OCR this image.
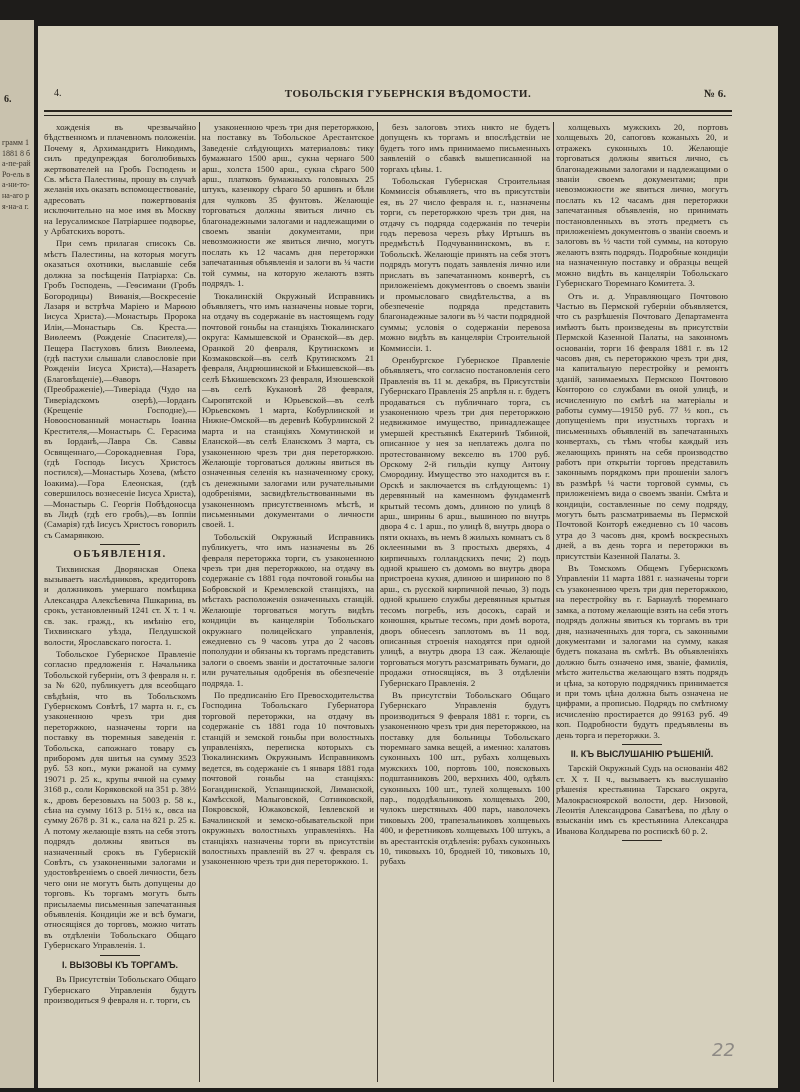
6.
грамм 1 1881 8 ба-пе-рай Ро-ель ва-ни-то-на-аго ря-на-а г.
4.	ТОБОЛЬСКІЯ ГУБЕРНСКІЯ ВѢДОМОСТИ.	№ 6.

хожденія въ чрезвычайно бѣдственномъ и плачевномъ положеніи. Почему я, Архимандритъ Никодимъ, силъ предупреждая боголюбивыхъ жертвователей на Гробъ Господень и Св. мѣста Палестины, прошу въ случаѣ желанія ихъ оказать вспомоществованіе, адресовать пожертвованія исключительно на мое имя въ Москву на Іерусалимское Патріаршее подворье, у Арбатскихъ воротъ.

При семъ прилагая списокъ Св. мѣстъ Палестины, на которыя могутъ оказаться охотники, выславшіе себя должна за посѣщенія Патріарха: Св. Гробъ Господень, —Геѳсимани (Гробъ Богородицы) Виѳанія,—Воскресеніе Лазаря и встрѣча Маріею и Марѳою Іисуса Христа).—Монастырь Пророка Иліи,—Монастырь Св. Креста.—Виѳлеемъ (Рожденіе Спасителя),—Пещера Пастуховъ близъ Виѳлеема, (гдѣ пастухи слышали славословіе при Рожденіи Іисуса Христа),—Назаретъ (Благовѣщеніе),—Ѳаворъ (Преображеніе),—Тиверіада (Чудо на Тиверіадскомъ озерѣ),—Іорданъ (Крещеніе Господне),—Новооснованный монастырь Іоанна Крестителя,—Монастырь С. Герасима въ Іорданѣ,—Лавра Св. Саввы Освященнаго,—Сорокадневная Гора, (гдѣ Господь Іисусъ Христосъ постился),—Монастырь Хозева, (мѣсто Іоакима).—Гора Елеонская, (гдѣ совершилось вознесеніе Іисуса Христа),—Монастырь С. Георгія Побѣдоносца въ Лидѣ (гдѣ его гробъ),—въ Іоппіи (Самарія) гдѣ Іисусъ Христосъ говорилъ съ Самарянкою.

ОБЪЯВЛЕНІЯ.

Тихвинская Дворянская Опека вызываетъ наслѣдниковъ, кредиторовъ и должниковъ умершаго помѣщика Александра Алексѣевича Пшкарина, въ срокъ, установленный 1241 ст. X т. 1 ч. св. зак. гражд., къ имѣнію его, Тихвинскаго уѣзда, Пелдушской волости, Ярославскаго погоста. 1.

Тобольское Губернское Правленіе согласно предложенія г. Начальника Тобольской губерніи, отъ 3 февраля н. г. за № 620, публикуетъ для всеобщаго свѣдѣнія, что въ Тобольскомъ Губернскомъ Совѣтѣ, 17 марта н. г., съ узаконенною чрезъ три дня переторжкою, назначены торги на поставку въ тюремныя заведенія г. Тобольска, сапожнаго товару съ приборомъ для шитья на сумму 3523 руб. 53 коп., муки ржаной на сумму 19071 р. 25 к., крупы ячной на сумму 3168 р., соли Коряковской на 351 р. 38½ к., дровъ березовыхъ на 5003 р. 58 к., сѣна на сумму 1613 р. 51½ к., овса на сумму 2678 р. 31 к., сала на 821 р. 25 к. А потому желающіе взять на себя этотъ подрядъ должны явиться въ назначенный срокъ въ Губернскій Совѣтъ, съ узаконенными залогами и удостовѣреніемъ о своей личности, безъ чего они не могутъ быть допущены до торговъ. Къ торгамъ могутъ быть присылаемы письменныя запечатанныя объявленія. Кондиціи же и всѣ бумаги, относящіяся до торговъ, можно читать въ отдѣленіи Тобольскаго Общаго Губернскаго Управленія. 1.

I. ВЫЗОВЫ КЪ ТОРГАМЪ.

Въ Присутствіи Тобольскаго Общаго Губернскаго Управленія будутъ производиться 9 февраля н. г. торги, съ

узаконенною чрезъ три дня переторжкою, на поставку въ Тобольское Арестантское Заведеніе слѣдующихъ материаловъ: тику бумажнаго 1500 арш., сукна чернаго 500 арш., холста 1500 арш., сукна сѣраго 500 арш., платковъ бумажныхъ головныхъ 25 штукъ, казенкору сѣраго 50 аршинъ и бѣли для чулковъ 35 фунтовъ. Желающіе торговаться должны явиться лично съ благонадежными залогами и надлежащими о своемъ званіи документами, при невозможности же явиться лично, могутъ послать къ 12 часамъ дня переторжки запечатанныя объявленія и залоги въ ¼ части той суммы, на которую желаютъ взять подрядъ. 1.

Тюкалинскій Окружный Исправникъ объявляетъ, что имъ назначены новые торги, на отдачу въ содержаніе въ настоящемъ году почтовой гоньбы на станціяхъ Тюкалинскаго округа: Камышевской и Оранской—въ дер. Оранкой 20 февраля, Крутинскомъ и Козмаковской—въ селѣ Крутинскомъ 21 февраля, Андрюшинской и Бѣкишевской—въ селѣ Бѣкишевскомъ 23 февраля, Изюшевской—въ селѣ Кукановѣ 28 февраля, Сыропятской и Юрьевской—въ селѣ Юрьевскомъ 1 марта, Кобурлинской и Нижне-Омской—въ деревнѣ Кобурлинской 2 марта и на станціяхъ Хомутинской и Еланской—въ селѣ Еланскомъ 3 марта, съ узаконенною чрезъ три дня переторжкою. Желающіе торговаться должны явиться въ означенныя селенія къ назначенному сроку, съ денежными залогами или ручательными одобреніями, засвидѣтельствованными въ узаконенномъ присутственномъ мѣстѣ, и письменными документами о личности своей. 1.

Тобольскій Окружный Исправникъ публикуетъ, что имъ назначены въ 26 февраля переторжка торги, съ узаконенною чрезъ три дня переторжкою, на отдачу въ содержаніе съ 1881 года почтовой гоньбы на Бобровской и Кремлевской станціяхъ, на мѣстахъ расположенія означенныхъ станцій. Желающіе торговаться могутъ видѣть кондиціи въ канцеляріи Тобольскаго окружнаго полицейскаго управленія, ежедневно съ 9 часовъ утра до 2 часовъ пополудни и обязаны къ торгамъ представить залоги о своемъ званіи и достаточные залоги или ручательныя одобренія въ обезпеченіе подряда. 1.

По предписанію Его Превосходительства Господина Тобольскаго Губернатора торговой переторжки, на отдачу въ содержаніе съ 1881 года 10 почтовыхъ станцій и земской гоньбы при волостныхъ управленіяхъ, переписка которыхъ съ Тюкалинскимъ Окружнымъ Исправникомъ ведется, въ содержаніе съ 1 января 1881 года почтовой гоньбы на станціяхъ: Богандинской, Успанщинской, Лиманской, Камѣсской, Малыговской, Сотниковской, Покровской, Южаковской, Іевлевской и Бачалинской и земско-обывательской при окружныхъ волостныхъ управленіяхъ. На станціяхъ назначены торги въ присутствіи волостныхъ правленій въ 27 ч. февраля съ узаконенною чрезъ три дня переторжкою. 1.

безъ залоговъ этихъ никто не будетъ допущенъ къ торгамъ и впослѣдствіи не будетъ того имъ принимаемо письменныхъ заявленій о сбавкѣ вышеписанной на торгахъ цѣны. 1.

Тобольская Губернская Строительная Коммиссія объявляетъ, что въ присутствіи ея, въ 27 число февраля н. г., назначены торги, съ переторжкою чрезъ три дня, на отдачу съ подряда содержанія по течеріи годъ перевоза черезъ рѣку Иртышъ въ предмѣстьѣ Подчуваннинскомъ, въ г. Тобольскѣ. Желающіе принять на себя этотъ подрядъ могутъ подать заявленія лично или прислать въ запечатанномъ конвертѣ, съ приложеніемъ документовъ о своемъ званіи и промысловаго свидѣтельства, а въ обезпеченіе подряда представить благонадежные залоги въ ½ части подрядной суммы; условія о содержаніи перевоза можно видѣть въ канцеляріи Строительной Коммиссіи. 1.

Оренбургское Губернское Правленіе объявляетъ, что согласно постановленія сего Правленія въ 11 м. декабря, въ Присутствіи Губернскаго Правленія 25 апрѣля н. г. будетъ продаваться съ публичнаго торга, съ узаконенною чрезъ три дня переторжкою недвижимое имущество, принадлежащее умершей крестьянкѣ Екатеринѣ Тябиной, описанное у нея за неплатежъ долга по протестованному векселю въ 1700 руб. Орскому 2-й гильдіи купцу Антону Смородину. Имущество это находится въ г. Орскѣ и заключается въ слѣдующемъ: 1) деревянный на каменномъ фундаментѣ крытый тесомъ домъ, длиною по улицѣ 8 арш., ширины 6 арш., вышиною по внутрь двора 4 с. 1 арш., по улицѣ 8, внутрь двора о пяти окнахъ, въ немъ 8 жилыхъ комнатъ съ 8 оклеенными въ 3 простыхъ дверяхъ, 4 кирпичныхъ голландскихъ печи; 2) подъ одной крышею съ домомъ во внутрь двора пристроена кухня, длиною и шириною по 8 арш., съ русской кирпичной печью, 3) подъ одной крышею службы деревянныя крытыя тесомъ погребъ, изъ досокъ, сарай и конюшня, крытые тесомъ, при домѣ ворота, дворъ обнесенъ заплотомъ въ 11 вод. описанныя строенія находятся при одной улицѣ, а внутрь двора 13 саж. Желающіе торговаться могутъ разсматривать бумаги, до продажи относящіяся, въ 3 отдѣленіи Губернскаго Правленія. 2

Въ присутствіи Тобольскаго Общаго Губернскаго Управленія будутъ производиться 9 февраля 1881 г. торги, съ узаконенною чрезъ три дня переторжкою, на поставку для больницы Тобольскаго тюремнаго замка вещей, а именно: халатовъ суконныхъ 100 шт., рубахъ холщевыхъ мужскихъ 100, портовъ 100, поясковыхъ подштанниковъ 200, верхнихъ 400, одѣялъ суконныхъ 100 шт., тулей холщевыхъ 100 пар., пододѣяльниковъ холщевыхъ 200, чулокъ шерстяныхъ 400 паръ, наволочекъ тиковыхъ 200, трапезальниковъ холщевыхъ 400, и феретниковъ холщевыхъ 100 штукъ, а въ арестантскія отдѣленія: рубахъ суконныхъ 10, тиковыхъ 10, бродней 10, тиковыхъ 10, рубахъ

холщевыхъ мужскихъ 20, портовъ холщевыхъ 20, сапоговъ кожаныхъ 20, и отражекъ суконныхъ 10. Желающіе торговаться должны явиться лично, съ благонадежными залогами и надлежащими о званіи своемъ документами; при невозможности же явиться лично, могутъ послать къ 12 часамъ дня переторжки запечатанныя объявленія, но принимать постановленныхъ въ этотъ предметъ съ приложеніемъ документовъ о званіи своемъ и залоговъ въ ½ части той суммы, на которую желаютъ взять подрядъ. Подробные кондиціи на назначенную поставку и образцы вещей можно видѣть въ канцеляріи Тобольскаго Губернскаго Тюремнаго Комитета. 3.

Отъ и. д. Управляющаго Почтовою Частью въ Пермской губерніи объявляется, что съ разрѣшенія Почтоваго Департамента имѣютъ быть произведены въ присутствіи Пермской Казенной Палаты, на законномъ основаніи, торги 16 февраля 1881 г. въ 12 часовъ дня, съ переторжкою чрезъ три дня, на капитальную перестройку и ремонтъ зданій, занимаемыхъ Пермскою Почтовою Конторою со службами въ оной улицѣ, и исчисленную по смѣтѣ на матеріалы и работы сумму—19150 руб. 77 ½ коп., съ допущеніемъ при изустныхъ торгахъ и письменныхъ объявленій въ запечатанныхъ конвертахъ, съ тѣмъ чтобы каждый изъ желающихъ принять на себя производство работъ при открытіи торговъ представилъ законнымъ порядкомъ при прошеніи залогъ въ размѣрѣ ¼ части торговой суммы, съ приложеніемъ вида о своемъ званіи. Смѣта и кондиціи, составленные по сему подряду, могутъ быть разсматриваемы въ Пермской Почтовой Конторѣ ежедневно съ 10 часовъ утра до 3 часовъ дня, кромѣ воскресныхъ дней, а въ день торга и переторжки въ присутствіи Казенной Палаты. 3.

Въ Томскомъ Общемъ Губернскомъ Управленіи 11 марта 1881 г. назначены торги съ узаконенною чрезъ три дня переторжкою, на перестройку въ г. Барнаулѣ тюремнаго замка, а потому желающіе взять на себя этотъ подрядъ должны явиться къ торгамъ въ три дня, назначенныхъ для торга, съ законными документами и залогами на сумму, какая будетъ показана въ смѣтѣ. Въ объявленіяхъ должно быть означено имя, званіе, фамилія, мѣсто жительства желающаго взять подрядъ и цѣна, за которую подрядчикъ принимается и при томъ цѣна должна быть означена не цифрами, а прописью. Подрядъ по смѣтному исчисленію простирается до 99163 руб. 49 коп. Подробности будутъ предъявлены въ день торга и переторжки. 3.

II. КЪ ВЫСЛУШАНІЮ РѢШЕНІЙ.

Тарскій Окружный Судъ на основаніи 482 ст. X т. II ч., вызываетъ къ выслушанію рѣшенія крестьянина Тарскаго округа, Малокрасноярской волости, дер. Низовой, Леонтія Александрова Саватѣева, по дѣлу о взысканіи имъ съ крестьянина Александра Иванова Колдырева по роспискѣ 60 р. 2.

22
